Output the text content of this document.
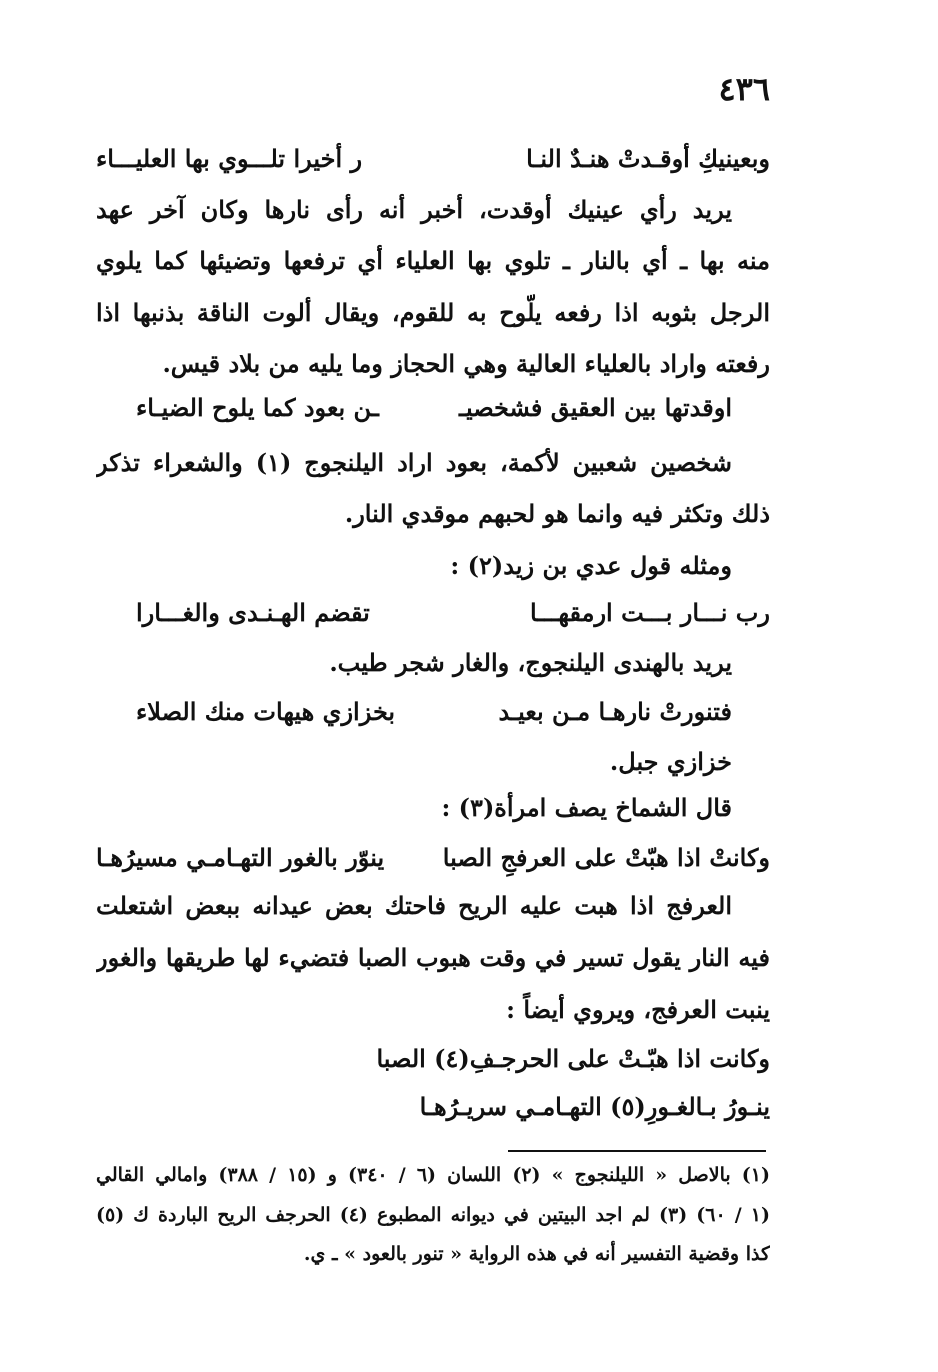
٤٣٦
وبعينيكِ أوقـدتْ هنـدٌ النـا
ر أخيرا تلـــوي بها العليـــاء
يريد رأي عينيك أوقدت، أخبر أنه رأى نارها وكان آخر عهد
منه بها ـ أي بالنار ـ تلوي بها العلياء أي ترفعها وتضيئها كما يلوي
الرجل بثوبه اذا رفعه يلّوح به للقوم، ويقال ألوت الناقة بذنبها اذا
رفعته واراد بالعلياء العالية وهي الحجاز وما يليه من بلاد قيس.
اوقدتها بين العقيق فشخصيـ
ـن بعود كما يلوح الضيـاء
شخصين شعبين لأكمة، بعود اراد اليلنجوج (١) والشعراء تذكر
ذلك وتكثر فيه وانما هو لحبهم موقدي النار.
ومثله قول عدي بن زيد(٢) :
رب نـــار بـــت ارمقهـــا
تقضم الهـنـدى والغـــارا
يريد بالهندى اليلنجوج، والغار شجر طيب.
فتنورتْ نارهـا مـن بعيـد
بخزازي هيهات منك الصلاء
خزازي جبل.
قال الشماخ يصف امرأة(٣) :
وكانتْ اذا هبّتْ على العرفجِ الصبا
ينوّر بالغور التهـامـي مسيرُهـا
العرفج اذا هبت عليه الريح فاحتك بعض عيدانه ببعض اشتعلت
فيه النار يقول تسير في وقت هبوب الصبا فتضيء لها طريقها والغور
ينبت العرفج، ويروي أيضاً :
وكانت اذا هبّـتْ على الحرجـفِ(٤) الصبا
ينـورُ بـالغـورِ(٥) التهـامـي سريـرُهـا
(١) بالاصل « الليلنجوج » (٢) اللسان (٦ / ٣٤٠) و (١٥ / ٣٨٨) وامالي القالي
(١ / ٦٠) (٣) لم اجد البيتين في ديوانه المطبوع (٤) الحرجف الريح الباردة ك (٥)
كذا وقضية التفسير أنه في هذه الرواية « تنور بالعود » ـ ي.
